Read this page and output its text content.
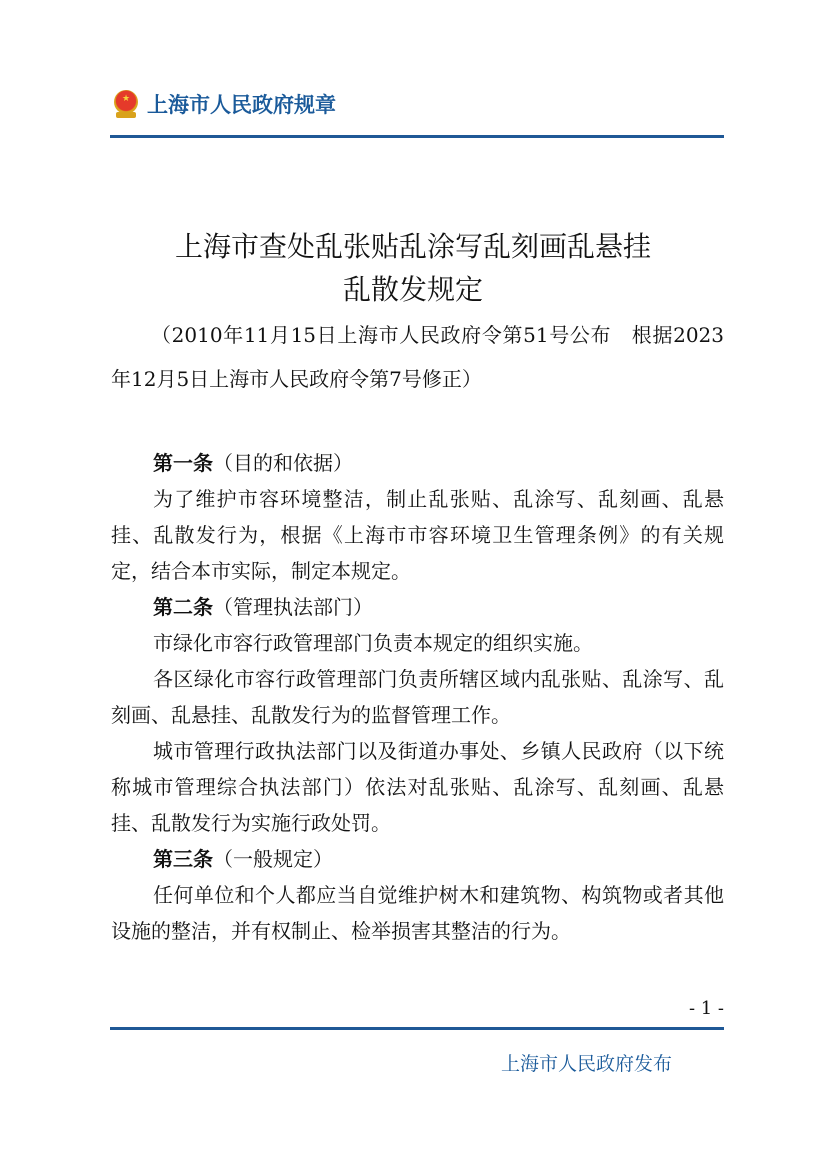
★ 上海市人民政府规章
上海市查处乱张贴乱涂写乱刻画乱悬挂
乱散发规定
（2010年11月15日上海市人民政府令第51号公布　根据2023年12月5日上海市人民政府令第7号修正）

第一条（目的和依据）

为了维护市容环境整洁，制止乱张贴、乱涂写、乱刻画、乱悬挂、乱散发行为，根据《上海市市容环境卫生管理条例》的有关规定，结合本市实际，制定本规定。

第二条（管理执法部门）

市绿化市容行政管理部门负责本规定的组织实施。

各区绿化市容行政管理部门负责所辖区域内乱张贴、乱涂写、乱刻画、乱悬挂、乱散发行为的监督管理工作。

城市管理行政执法部门以及街道办事处、乡镇人民政府（以下统称城市管理综合执法部门）依法对乱张贴、乱涂写、乱刻画、乱悬挂、乱散发行为实施行政处罚。

第三条（一般规定）

任何单位和个人都应当自觉维护树木和建筑物、构筑物或者其他设施的整洁，并有权制止、检举损害其整洁的行为。

- 1 -
上海市人民政府发布
